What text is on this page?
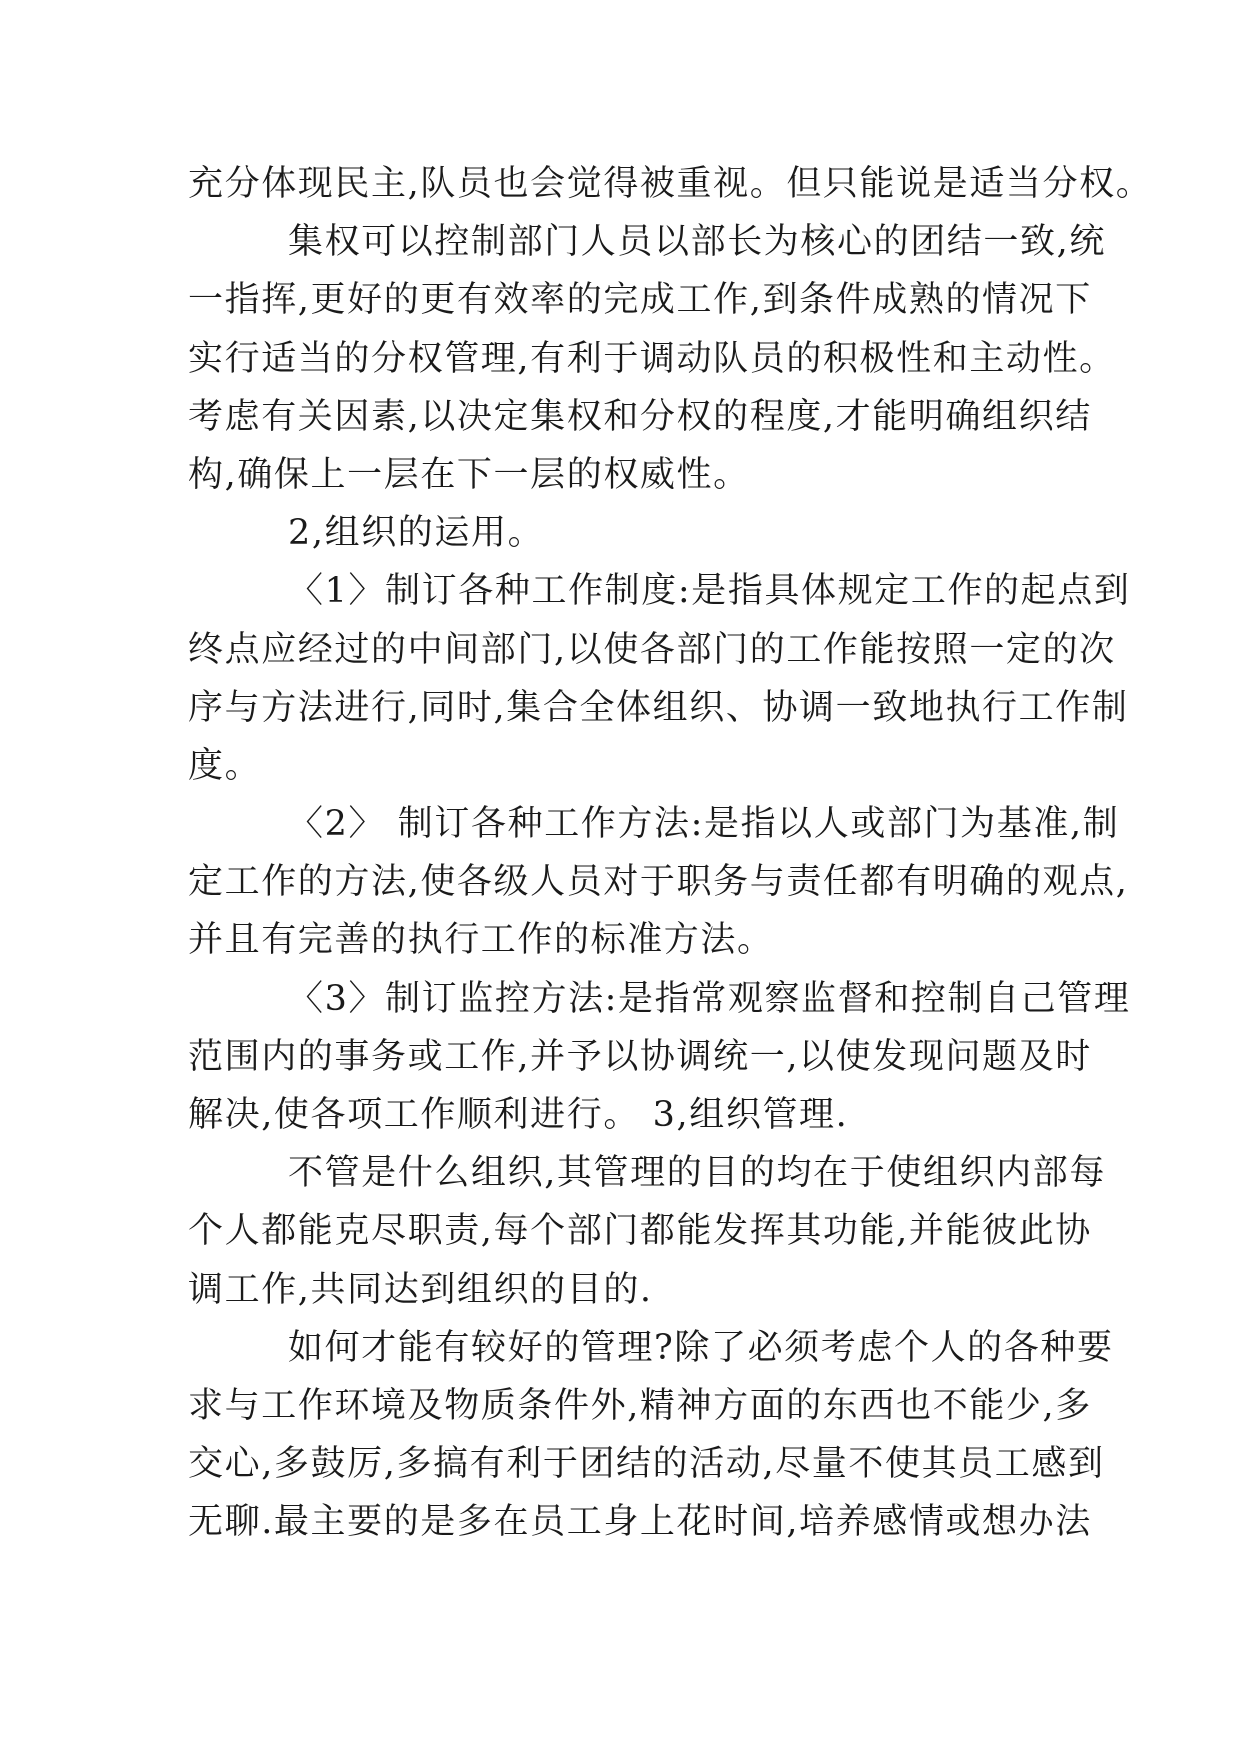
充分体现民主,队员也会觉得被重视。但只能说是适当分权。
集权可以控制部门人员以部长为核心的团结一致,统
一指挥,更好的更有效率的完成工作,到条件成熟的情况下
实行适当的分权管理,有利于调动队员的积极性和主动性。
考虑有关因素,以决定集权和分权的程度,才能明确组织结
构,确保上一层在下一层的权威性。
2,组织的运用。
〈1〉制订各种工作制度:是指具体规定工作的起点到
终点应经过的中间部门,以使各部门的工作能按照一定的次
序与方法进行,同时,集合全体组织、协调一致地执行工作制
度。
〈2〉 制订各种工作方法:是指以人或部门为基准,制
定工作的方法,使各级人员对于职务与责任都有明确的观点,
并且有完善的执行工作的标准方法。
〈3〉制订监控方法:是指常观察监督和控制自己管理
范围内的事务或工作,并予以协调统一,以使发现问题及时
解决,使各项工作顺利进行。 3,组织管理.
不管是什么组织,其管理的目的均在于使组织内部每
个人都能克尽职责,每个部门都能发挥其功能,并能彼此协
调工作,共同达到组织的目的.
如何才能有较好的管理?除了必须考虑个人的各种要
求与工作环境及物质条件外,精神方面的东西也不能少,多
交心,多鼓厉,多搞有利于团结的活动,尽量不使其员工感到
无聊.最主要的是多在员工身上花时间,培养感情或想办法
